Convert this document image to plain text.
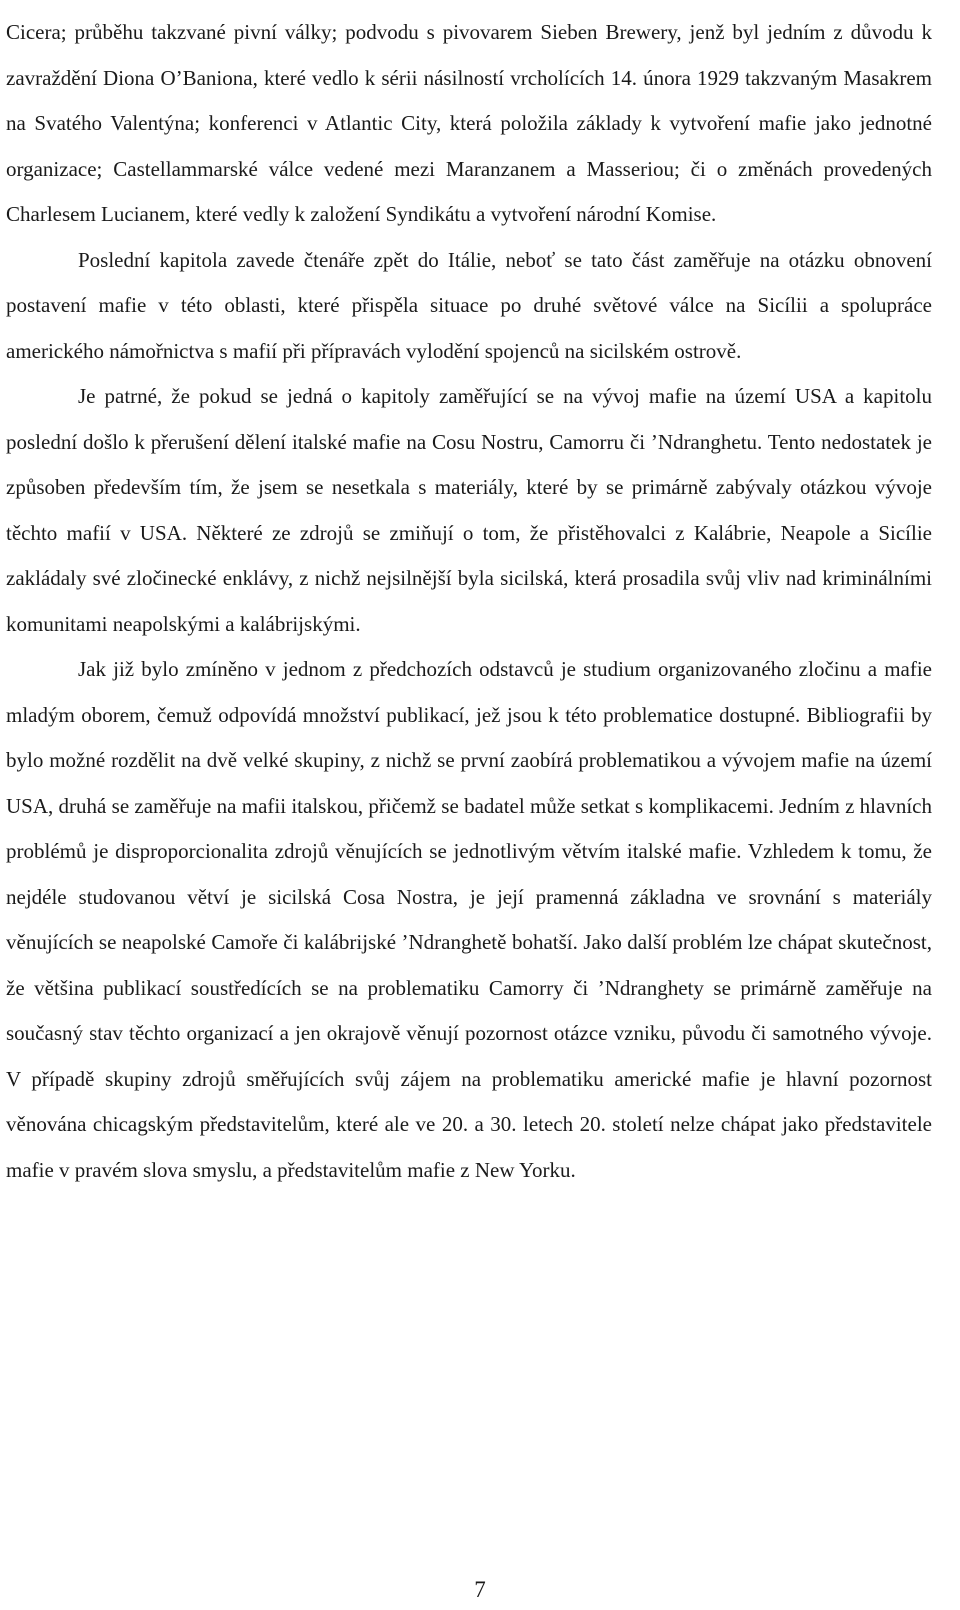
Cicera; průběhu takzvané pivní války; podvodu s pivovarem Sieben Brewery, jenž byl jedním z důvodu k zavraždění Diona O’Baniona, které vedlo k sérii násilností vrcholících 14. února 1929 takzvaným Masakrem na Svatého Valentýna; konferenci v Atlantic City, která položila základy k vytvoření mafie jako jednotné organizace; Castellammarské válce vedené mezi Maranzanem a Masseriou; či o změnách provedených Charlesem Lucianem, které vedly k založení Syndikátu a vytvoření národní Komise.

Poslední kapitola zavede čtenáře zpět do Itálie, neboť se tato část zaměřuje na otázku obnovení postavení mafie v této oblasti, které přispěla situace po druhé světové válce na Sicílii a spolupráce amerického námořnictva s mafií při přípravách vylodění spojenců na sicilském ostrově.

Je patrné, že pokud se jedná o kapitoly zaměřující se na vývoj mafie na území USA a kapitolu poslední došlo k přerušení dělení italské mafie na Cosu Nostru, Camorru či ’Ndranghetu. Tento nedostatek je způsoben především tím, že jsem se nesetkala s materiály, které by se primárně zabývaly otázkou vývoje těchto mafií v USA. Některé ze zdrojů se zmiňují o tom, že přistěhovalci z Kalábrie, Neapole a Sicílie zakládaly své zločinecké enklávy, z nichž nejsilnější byla sicilská, která prosadila svůj vliv nad kriminálními komunitami neapolskými a kalábrijskými.

Jak již bylo zmíněno v jednom z předchozích odstavců je studium organizovaného zločinu a mafie mladým oborem, čemuž odpovídá množství publikací, jež jsou k této problematice dostupné. Bibliografii by bylo možné rozdělit na dvě velké skupiny, z nichž se první zaobírá problematikou a vývojem mafie na území USA, druhá se zaměřuje na mafii italskou, přičemž se badatel může setkat s komplikacemi. Jedním z hlavních problémů je disproporcionalita zdrojů věnujících se jednotlivým větvím italské mafie. Vzhledem k tomu, že nejdéle studovanou větví je sicilská Cosa Nostra, je její pramenná základna ve srovnání s materiály věnujících se neapolské Camoře či kalábrijské ’Ndranghetě bohatší. Jako další problém lze chápat skutečnost, že většina publikací soustředících se na problematiku Camorry či ’Ndranghety se primárně zaměřuje na současný stav těchto organizací a jen okrajově věnují pozornost otázce vzniku, původu či samotného vývoje. V případě skupiny zdrojů směřujících svůj zájem na problematiku americké mafie je hlavní pozornost věnována chicagským představitelům, které ale ve 20. a 30. letech 20. století nelze chápat jako představitele mafie v pravém slova smyslu, a představitelům mafie z New Yorku.

7
